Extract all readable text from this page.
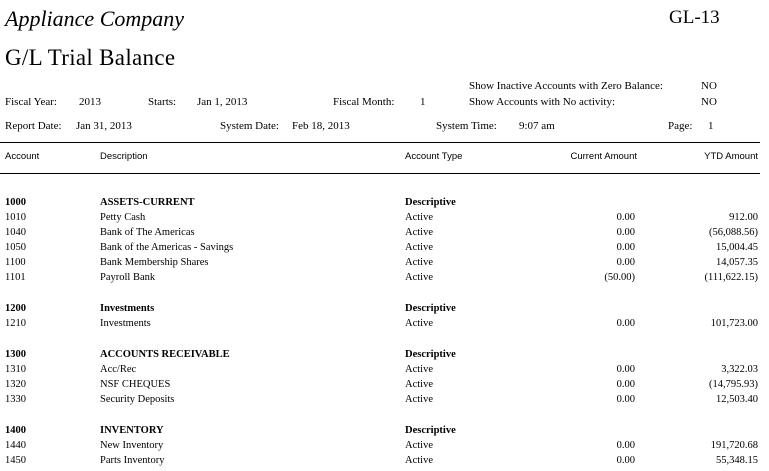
Appliance Company	GL-13
G/L Trial Balance
Show Inactive Accounts with Zero Balance:	NO
Show Accounts with No activity:	NO
Fiscal Year: 2013	Starts: Jan 1, 2013	Fiscal Month: 1
Report Date: Jan 31, 2013	System Date: Feb 18, 2013	System Time: 9:07 am	Page: 1
Account	Description	Account Type	Current Amount	YTD Amount
1000	ASSETS-CURRENT	Descriptive
1010	Petty Cash	Active	0.00	912.00
1040	Bank of The Americas	Active	0.00	(56,088.56)
1050	Bank of the Americas - Savings	Active	0.00	15,004.45
1100	Bank Membership Shares	Active	0.00	14,057.35
1101	Payroll Bank	Active	(50.00)	(111,622.15)
1200	Investments	Descriptive
1210	Investments	Active	0.00	101,723.00
1300	ACCOUNTS RECEIVABLE	Descriptive
1310	Acc/Rec	Active	0.00	3,322.03
1320	NSF CHEQUES	Active	0.00	(14,795.93)
1330	Security Deposits	Active	0.00	12,503.40
1400	INVENTORY	Descriptive
1440	New Inventory	Active	0.00	191,720.68
1450	Parts Inventory	Active	0.00	55,348.15
